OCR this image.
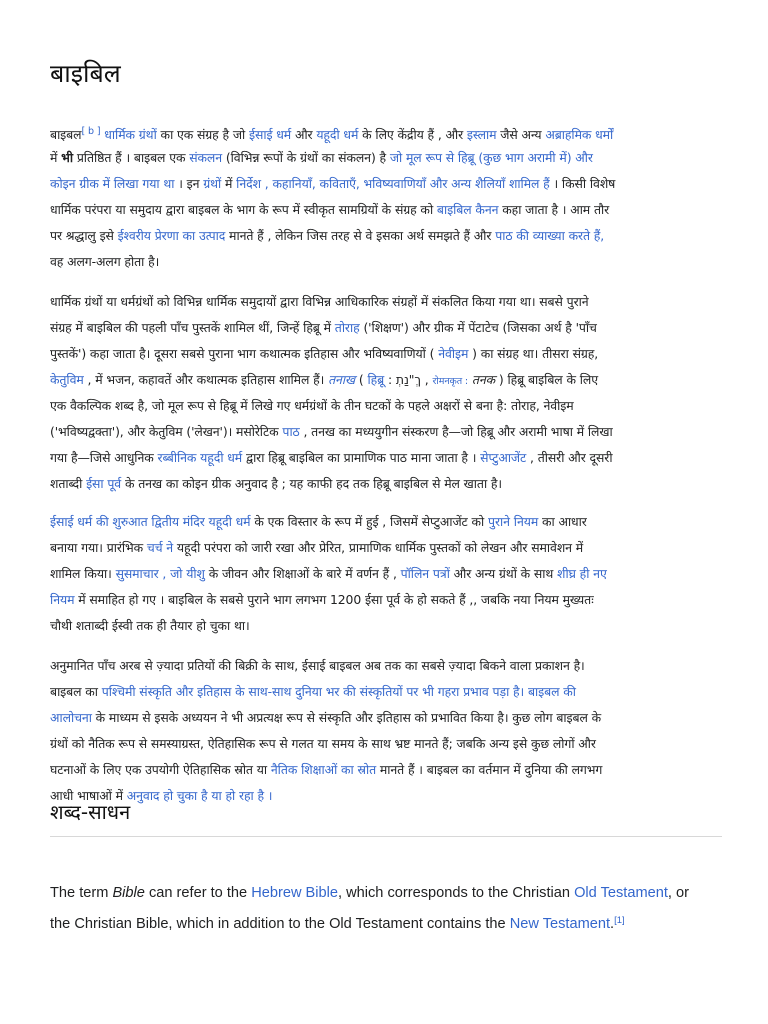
बाइबिल
बाइबल[ b ] धार्मिक ग्रंथों का एक संग्रह है जो ईसाई धर्म और यहूदी धर्म के लिए केंद्रीय हैं , और इस्लाम जैसे अन्य अब्राहमिक धर्मों
में भी प्रतिष्ठित हैं । बाइबल एक संकलन (विभिन्न रूपों के ग्रंथों का संकलन) है जो मूल रूप से हिब्रू (कुछ भाग अरामी में) और
कोइन ग्रीक में लिखा गया था । इन ग्रंथों में निर्देश , कहानियाँ, कविताएँ, भविष्यवाणियाँ और अन्य शैलियाँ शामिल हैं । किसी विशेष
धार्मिक परंपरा या समुदाय द्वारा बाइबल के भाग के रूप में स्वीकृत सामग्रियों के संग्रह को बाइबिल कैनन कहा जाता है । आम तौर
पर श्रद्धालु इसे ईश्वरीय प्रेरणा का उत्पाद मानते हैं , लेकिन जिस तरह से वे इसका अर्थ समझते हैं और पाठ की व्याख्या करते हैं,
वह अलग-अलग होता है।
धार्मिक ग्रंथों या धर्मग्रंथों को विभिन्न धार्मिक समुदायों द्वारा विभिन्न आधिकारिक संग्रहों में संकलित किया गया था। सबसे पुराने
संग्रह में बाइबिल की पहली पाँच पुस्तकें शामिल थीं, जिन्हें हिब्रू में तोराह ('शिक्षण') और ग्रीक में पेंटाटेच (जिसका अर्थ है 'पाँच
पुस्तकें') कहा जाता है। दूसरा सबसे पुराना भाग कथात्मक इतिहास और भविष्यवाणियों ( नेवीइम ) का संग्रह था। तीसरा संग्रह,
केतुविम , में भजन, कहावतें और कथात्मक इतिहास शामिल हैं। तनाख ( हिब्रू : ךְ"נַתְ , रोमनकृत : तनक ) हिब्रू बाइबिल के लिए
एक वैकल्पिक शब्द है, जो मूल रूप से हिब्रू में लिखे गए धर्मग्रंथों के तीन घटकों के पहले अक्षरों से बना है: तोराह, नेवीइम
('भविष्यद्वक्ता'), और केतुविम ('लेखन')। मसोरेटिक पाठ , तनख का मध्ययुगीन संस्करण है—जो हिब्रू और अरामी भाषा में लिखा
गया है—जिसे आधुनिक रब्बीनिक यहूदी धर्म द्वारा हिब्रू बाइबिल का प्रामाणिक पाठ माना जाता है । सेप्टुआजेंट , तीसरी और दूसरी
शताब्दी ईसा पूर्व के तनख का कोइन ग्रीक अनुवाद है ; यह काफी हद तक हिब्रू बाइबिल से मेल खाता है।
ईसाई धर्म की शुरुआत द्वितीय मंदिर यहूदी धर्म के एक विस्तार के रूप में हुई , जिसमें सेप्टुआजेंट को पुराने नियम का आधार
बनाया गया। प्रारंभिक चर्च ने यहूदी परंपरा को जारी रखा और प्रेरित, प्रामाणिक धार्मिक पुस्तकों को लेखन और समावेशन में
शामिल किया। सुसमाचार , जो यीशु के जीवन और शिक्षाओं के बारे में वर्णन हैं , पॉलिन पत्रों और अन्य ग्रंथों के साथ शीघ्र ही नए
नियम में समाहित हो गए । बाइबिल के सबसे पुराने भाग लगभग 1200 ईसा पूर्व के हो सकते हैं ,, जबकि नया नियम मुख्यतः
चौथी शताब्दी ईस्वी तक ही तैयार हो चुका था।
अनुमानित पाँच अरब से ज़्यादा प्रतियों की बिक्री के साथ, ईसाई बाइबल अब तक का सबसे ज़्यादा बिकने वाला प्रकाशन है।
बाइबल का पश्चिमी संस्कृति और इतिहास के साथ-साथ दुनिया भर की संस्कृतियों पर भी गहरा प्रभाव पड़ा है। बाइबल की
आलोचना के माध्यम से इसके अध्ययन ने भी अप्रत्यक्ष रूप से संस्कृति और इतिहास को प्रभावित किया है। कुछ लोग बाइबल के
ग्रंथों को नैतिक रूप से समस्याग्रस्त, ऐतिहासिक रूप से गलत या समय के साथ भ्रष्ट मानते हैं; जबकि अन्य इसे कुछ लोगों और
घटनाओं के लिए एक उपयोगी ऐतिहासिक स्रोत या नैतिक शिक्षाओं का स्रोत मानते हैं । बाइबल का वर्तमान में दुनिया की लगभग
आधी भाषाओं में अनुवाद हो चुका है या हो रहा है ।
शब्द-साधन
The term Bible can refer to the Hebrew Bible, which corresponds to the Christian Old Testament, or
the Christian Bible, which in addition to the Old Testament contains the New Testament.[1]
